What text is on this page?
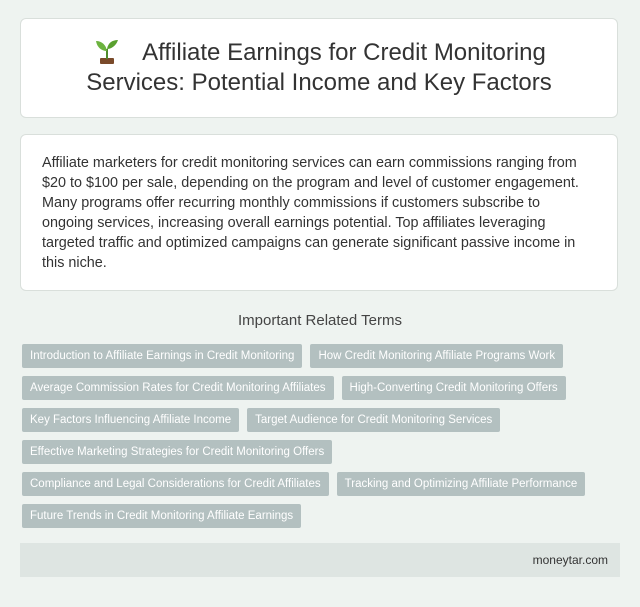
Affiliate Earnings for Credit Monitoring
Services: Potential Income and Key Factors

Affiliate marketers for credit monitoring services can earn commissions ranging from $20 to $100 per sale, depending on the program and level of customer engagement. Many programs offer recurring monthly commissions if customers subscribe to ongoing services, increasing overall earnings potential. Top affiliates leveraging targeted traffic and optimized campaigns can generate significant passive income in this niche.

Important Related Terms
Introduction to Affiliate Earnings in Credit Monitoring	How Credit Monitoring Affiliate Programs Work
Average Commission Rates for Credit Monitoring Affiliates	High-Converting Credit Monitoring Offers
Key Factors Influencing Affiliate Income	Target Audience for Credit Monitoring Services
Effective Marketing Strategies for Credit Monitoring Offers
Compliance and Legal Considerations for Credit Affiliates	Tracking and Optimizing Affiliate Performance
Future Trends in Credit Monitoring Affiliate Earnings
moneytar.com
